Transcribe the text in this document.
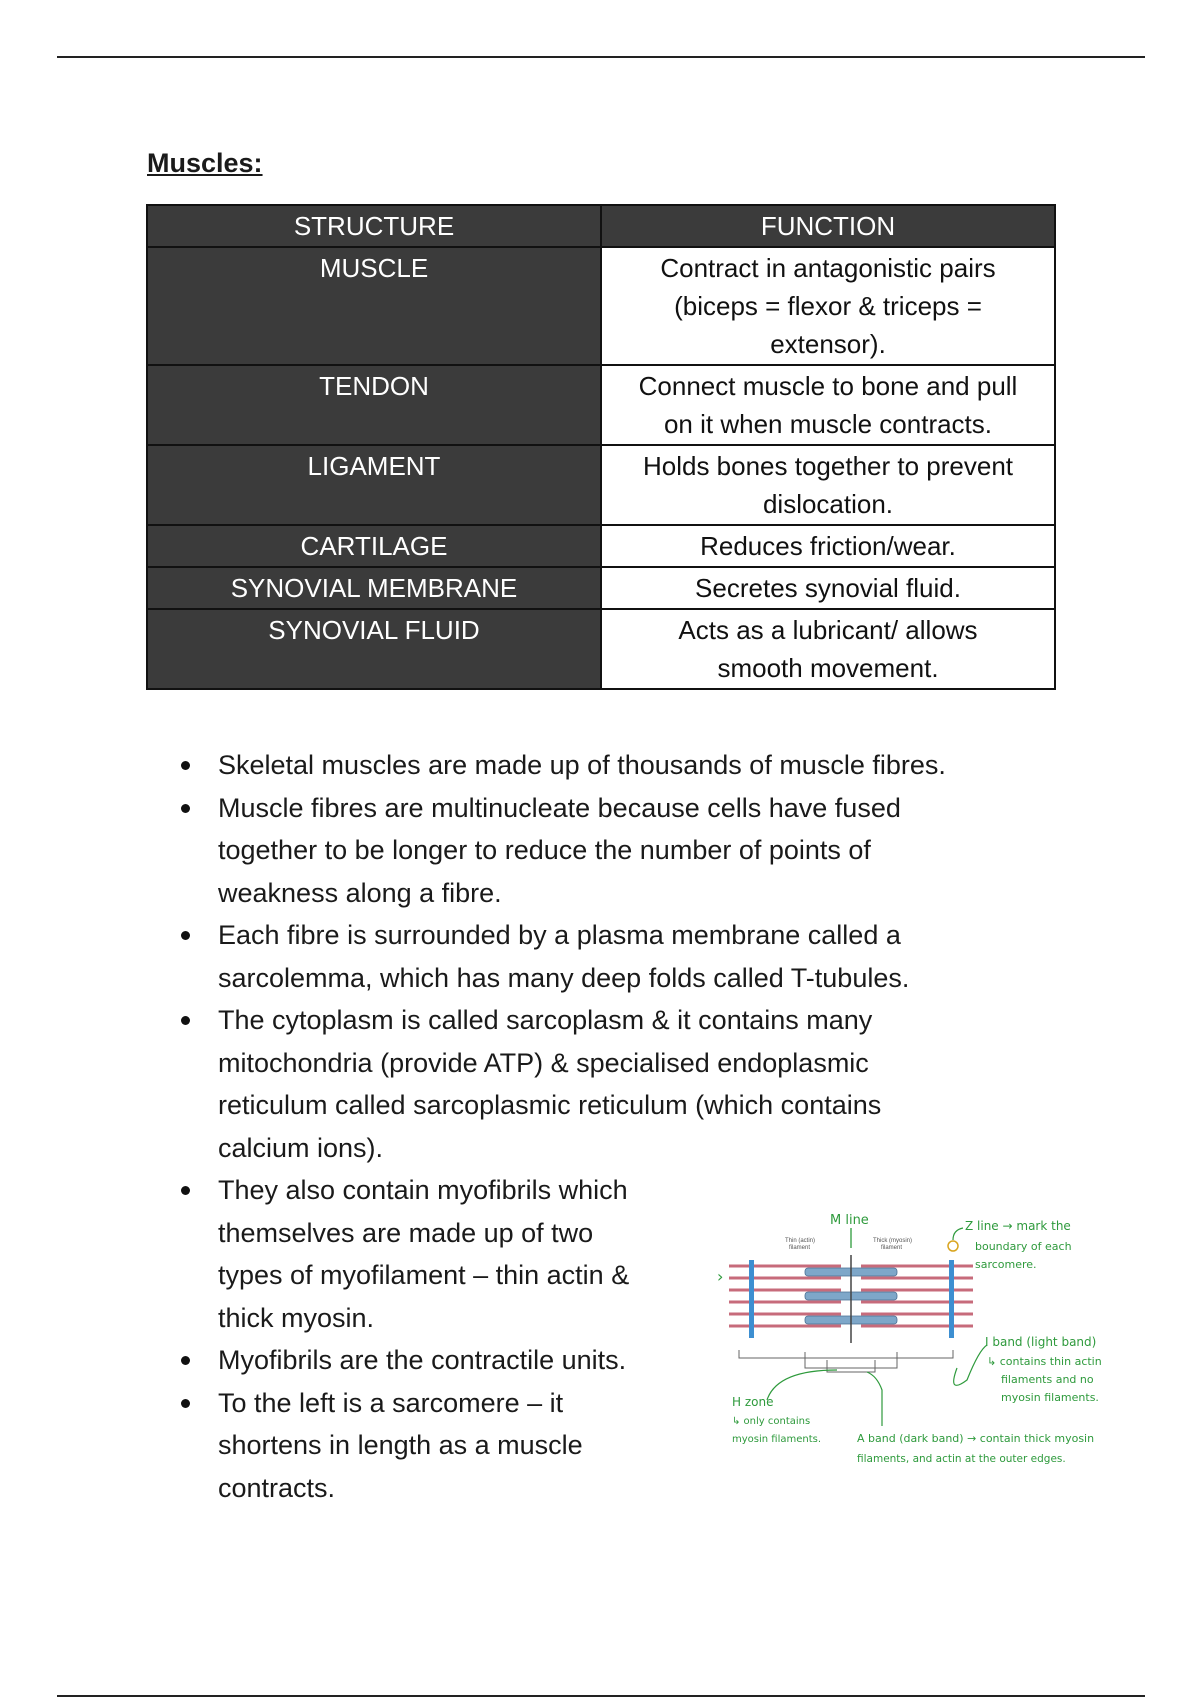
Muscles:
STRUCTURE	FUNCTION
MUSCLE	Contract in antagonistic pairs
(biceps = flexor & triceps =
extensor).

TENDON	Connect muscle to bone and pull
on it when muscle contracts.

LIGAMENT	Holds bones together to prevent
dislocation.

CARTILAGE	Reduces friction/wear.

SYNOVIAL MEMBRANE	Secretes synovial fluid.

SYNOVIAL FLUID	Acts as a lubricant/ allows
smooth movement.
Skeletal muscles are made up of thousands of muscle fibres.
Muscle fibres are multinucleate because cells have fused
together to be longer to reduce the number of points of
weakness along a fibre.
Each fibre is surrounded by a plasma membrane called a
sarcolemma, which has many deep folds called T-tubules.
The cytoplasm is called sarcoplasm & it contains many
mitochondria (provide ATP) & specialised endoplasmic
reticulum called sarcoplasmic reticulum (which contains
calcium ions).
They also contain myofibrils which
themselves are made up of two
types of myofilament – thin actin &
thick myosin.
Myofibrils are the contractile units.
To the left is a sarcomere – it
shortens in length as a muscle
contracts.
›
Thin (actin)
filament
Thick (myosin)
filament
M line	Z line → mark the
boundary of each
sarcomere.
I band (light band)
↳ contains thin actin
filaments and no
myosin filaments.
H zone
↳ only contains
myosin filaments.	A band (dark band) → contain thick myosin
filaments, and actin at the outer edges.
